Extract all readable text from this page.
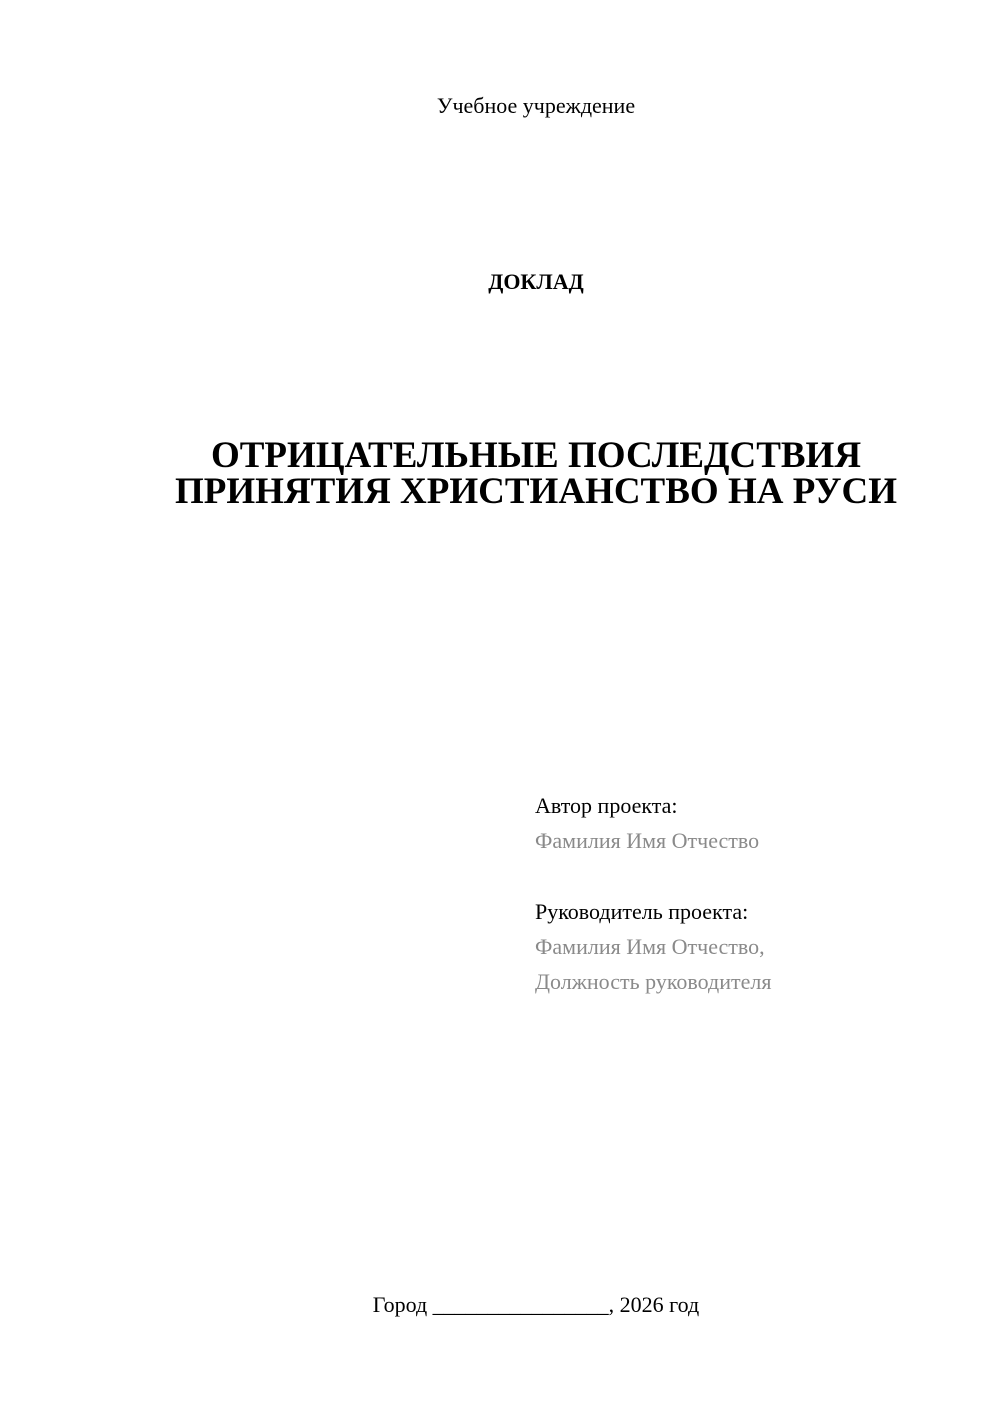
Учебное учреждение
ДОКЛАД
ОТРИЦАТЕЛЬНЫЕ ПОСЛЕДСТВИЯ
ПРИНЯТИЯ ХРИСТИАНСТВО НА РУСИ
Автор проекта:
Фамилия Имя Отчество
Руководитель проекта:
Фамилия Имя Отчество,
Должность руководителя
Город ________________, 2026 год
